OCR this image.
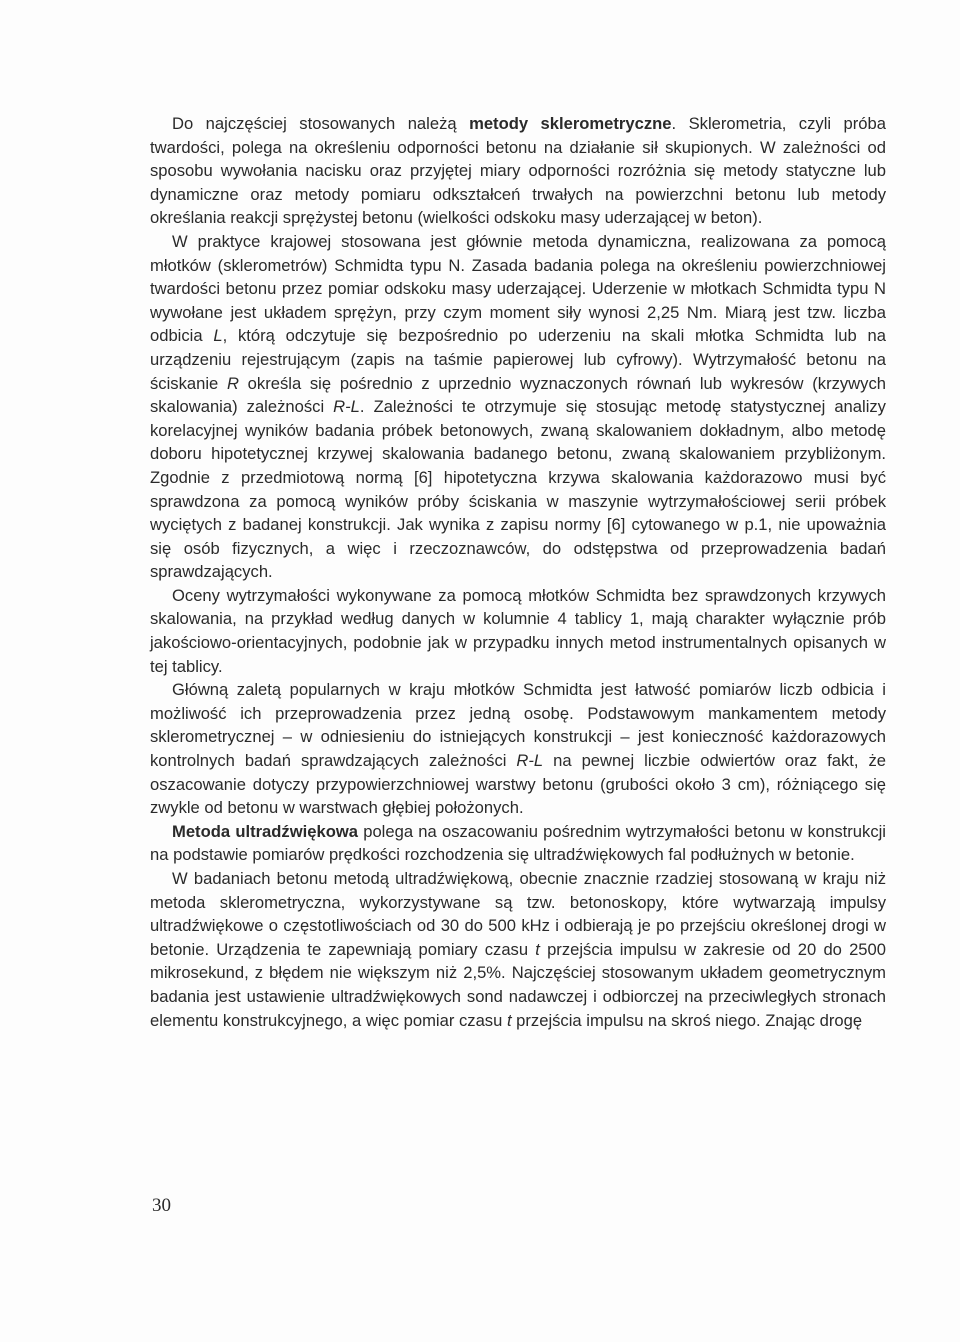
Do najczęściej stosowanych należą metody sklerometryczne. Sklerometria, czyli próba twardości, polega na określeniu odporności betonu na działanie sił skupionych. W zależności od sposobu wywołania nacisku oraz przyjętej miary odporności rozróżnia się metody statyczne lub dynamiczne oraz metody pomiaru odkształceń trwałych na powierzchni betonu lub metody określania reakcji sprężystej betonu (wielkości odskoku masy uderzającej w beton).

W praktyce krajowej stosowana jest głównie metoda dynamiczna, realizowana za pomocą młotków (sklerometrów) Schmidta typu N. Zasada badania polega na określeniu powierzchniowej twardości betonu przez pomiar odskoku masy uderzającej. Uderzenie w młotkach Schmidta typu N wywołane jest układem sprężyn, przy czym moment siły wynosi 2,25 Nm. Miarą jest tzw. liczba odbicia L, którą odczytuje się bezpośrednio po uderzeniu na skali młotka Schmidta lub na urządzeniu rejestrującym (zapis na taśmie papierowej lub cyfrowy). Wytrzymałość betonu na ściskanie R określa się pośrednio z uprzednio wyznaczonych równań lub wykresów (krzywych skalowania) zależności R-L. Zależności te otrzymuje się stosując metodę statystycznej analizy korelacyjnej wyników badania próbek betonowych, zwaną skalowaniem dokładnym, albo metodę doboru hipotetycznej krzywej skalowania badanego betonu, zwaną skalowaniem przybliżonym. Zgodnie z przedmiotową normą [6] hipotetyczna krzywa skalowania każdorazowo musi być sprawdzona za pomocą wyników próby ściskania w maszynie wytrzymałościowej serii próbek wyciętych z badanej konstrukcji. Jak wynika z zapisu normy [6] cytowanego w p.1, nie upoważnia się osób fizycznych, a więc i rzeczoznawców, do odstępstwa od przeprowadzenia badań sprawdzających.

Oceny wytrzymałości wykonywane za pomocą młotków Schmidta bez sprawdzonych krzywych skalowania, na przykład według danych w kolumnie 4 tablicy 1, mają charakter wyłącznie prób jakościowo-orientacyjnych, podobnie jak w przypadku innych metod instrumentalnych opisanych w tej tablicy.

Główną zaletą popularnych w kraju młotków Schmidta jest łatwość pomiarów liczb odbicia i możliwość ich przeprowadzenia przez jedną osobę. Podstawowym mankamentem metody sklerometrycznej – w odniesieniu do istniejących konstrukcji – jest konieczność każdorazowych kontrolnych badań sprawdzających zależności R-L na pewnej liczbie odwiertów oraz fakt, że oszacowanie dotyczy przypowierzchniowej warstwy betonu (grubości około 3 cm), różniącego się zwykle od betonu w warstwach głębiej położonych.

Metoda ultradźwiękowa polega na oszacowaniu pośrednim wytrzymałości betonu w konstrukcji na podstawie pomiarów prędkości rozchodzenia się ultradźwiękowych fal podłużnych w betonie.

W badaniach betonu metodą ultradźwiękową, obecnie znacznie rzadziej stosowaną w kraju niż metoda sklerometryczna, wykorzystywane są tzw. betonoskopy, które wytwarzają impulsy ultradźwiękowe o częstotliwościach od 30 do 500 kHz i odbierają je po przejściu określonej drogi w betonie. Urządzenia te zapewniają pomiary czasu t przejścia impulsu w zakresie od 20 do 2500 mikrosekund, z błędem nie większym niż 2,5%. Najczęściej stosowanym układem geometrycznym badania jest ustawienie ultradźwiękowych sond nadawczej i odbiorczej na przeciwległych stronach elementu konstrukcyjnego, a więc pomiar czasu t przejścia impulsu na skroś niego. Znając drogę

30
